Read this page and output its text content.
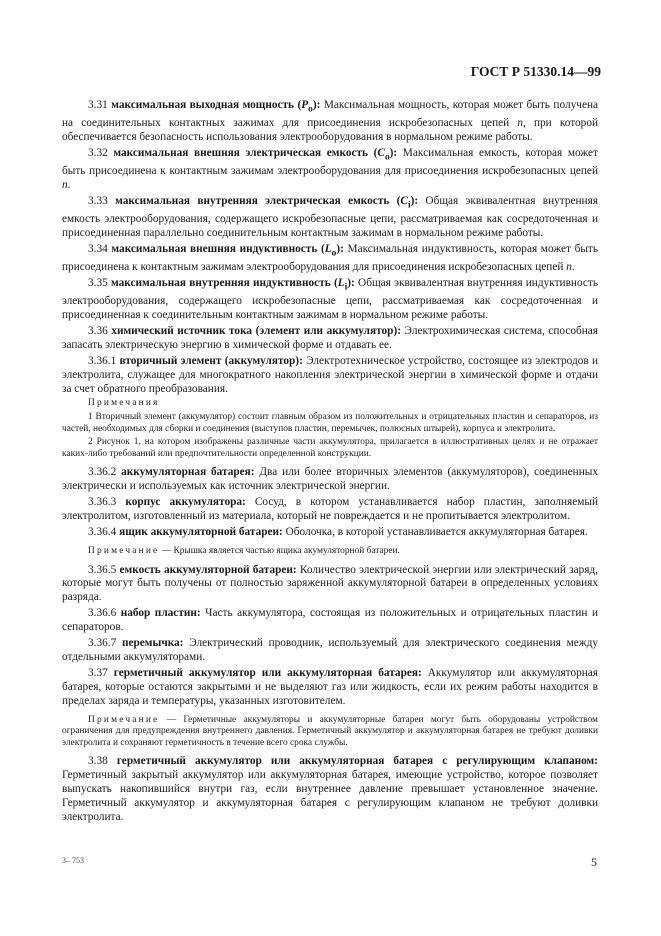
ГОСТ Р 51330.14—99

3.31 максимальная выходная мощность $(P_o)$: Максимальная мощность, которая может быть получена на соединительных контактных зажимах для присоединения искробезопасных цепей n, при которой обеспечивается безопасность использования электрооборудования в нормальном режиме работы.

3.32 максимальная внешняя электрическая емкость $(C_o)$: Максимальная емкость, которая может быть присоединена к контактным зажимам электрооборудования для присоединения искробезопасных цепей n.

3.33 максимальная внутренняя электрическая емкость $(C_i)$: Общая эквивалентная внутренняя емкость электрооборудования, содержащего искробезопасные цепи, рассматриваемая как сосредоточенная и присоединенная параллельно соединительным контактным зажимам в нормальном режиме работы.

3.34 максимальная внешняя индуктивность $(L_o)$: Максимальная индуктивность, которая может быть присоединена к контактным зажимам электрооборудования для присоединения искробезопасных цепей n.

3.35 максимальная внутренняя индуктивность $(L_i)$: Общая эквивалентная внутренняя индуктивность электрооборудования, содержащего искробезопасные цепи, рассматриваемая как сосредоточенная и присоединенная к соединительным контактным зажимам в нормальном режиме работы.

3.36 химический источник тока (элемент или аккумулятор): Электрохимическая система, способная запасать электрическую энергию в химической форме и отдавать ее.

3.36.1 вторичный элемент (аккумулятор): Электротехническое устройство, состоящее из электродов и электролита, служащее для многократного накопления электрической энергии в химической форме и отдачи за счет обратного преобразования.

Примечания

1 Вторичный элемент (аккумулятор) состоит главным образом из положительных и отрицательных пластин и сепараторов, из частей, необходимых для сборки и соединения (выступов пластин, перемычек, полюсных штырей), корпуса и электролита.

2 Рисунок 1, на котором изображены различные части аккумулятора, прилагается в иллюстративных целях и не отражает каких-либо требований или предпочтительности определенной конструкции.

3.36.2 аккумуляторная батарея: Два или более вторичных элементов (аккумуляторов), соединенных электрически и используемых как источник электрической энергии.

3.36.3 корпус аккумулятора: Сосуд, в котором устанавливается набор пластин, заполняемый электролитом, изготовленный из материала, который не повреждается и не пропитывается электролитом.

3.36.4 ящик аккумуляторной батареи: Оболочка, в которой устанавливается аккумуляторная батарея.

Примечание — Крышка является частью ящика акумуляторной батареи.

3.36.5 емкость аккумуляторной батареи: Количество электрической энергии или электрический заряд, которые могут быть получены от полностью заряженной аккумуляторной батареи в определенных условиях разряда.

3.36.6 набор пластин: Часть аккумулятора, состоящая из положительных и отрицательных пластин и сепараторов.

3.36.7 перемычка: Электрический проводник, используемый для электрического соединения между отдельными аккумуляторами.

3.37 герметичный аккумулятор или аккумуляторная батарея: Аккумулятор или аккумуляторная батарея, которые остаются закрытыми и не выделяют газ или жидкость, если их режим работы находится в пределах заряда и температуры, указанных изготовителем.

Примечание — Герметичные аккумуляторы и аккумуляторные батареи могут быть оборудованы устройством ограничения для предупреждения внутреннего давления. Герметичный аккумулятор и аккумуляторная батарея не требуют доливки электролита и сохраняют герметичность в течение всего срока службы.

3.38 герметичный аккумулятор или аккумуляторная батарея с регулирующим клапаном: Герметичный закрытый аккумулятор или аккумуляторная батарея, имеющие устройство, которое позволяет выпускать накопившийся внутри газ, если внутреннее давление превышает установленное значение. Герметичный аккумулятор и аккумуляторная батарея с регулирующим клапаном не требуют доливки электролита.

3– 753	5
